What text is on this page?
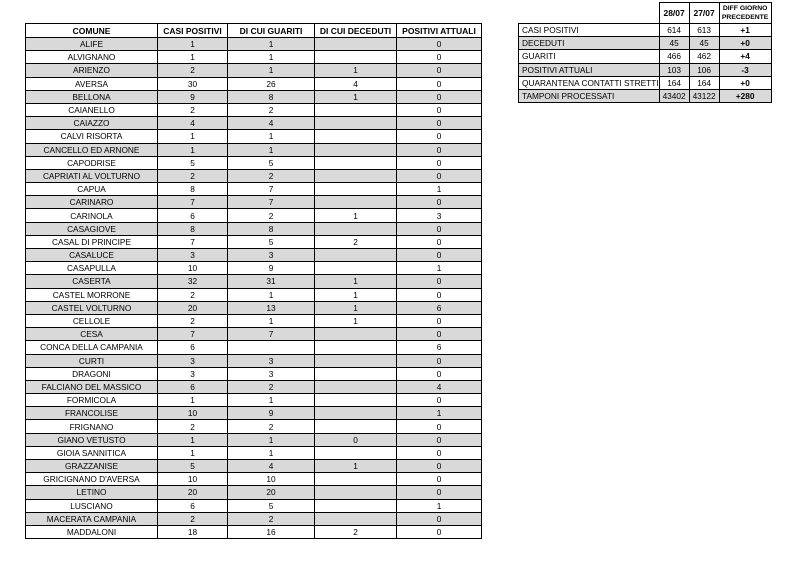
COMUNE	CASI POSITIVI	DI CUI GUARITI	DI CUI DECEDUTI	POSITIVI ATTUALI
ALIFE	1	1		0
ALVIGNANO	1	1		0
ARIENZO	2	1	1	0
AVERSA	30	26	4	0
BELLONA	9	8	1	0
CAIANELLO	2	2		0
CAIAZZO	4	4		0
CALVI RISORTA	1	1		0
CANCELLO ED ARNONE	1	1		0
CAPODRISE	5	5		0
CAPRIATI AL VOLTURNO	2	2		0
CAPUA	8	7		1
CARINARO	7	7		0
CARINOLA	6	2	1	3
CASAGIOVE	8	8		0
CASAL DI PRINCIPE	7	5	2	0
CASALUCE	3	3		0
CASAPULLA	10	9		1
CASERTA	32	31	1	0
CASTEL MORRONE	2	1	1	0
CASTEL VOLTURNO	20	13	1	6
CELLOLE	2	1	1	0
CESA	7	7		0
CONCA DELLA CAMPANIA	6			6
CURTI	3	3		0
DRAGONI	3	3		0
FALCIANO DEL MASSICO	6	2		4
FORMICOLA	1	1		0
FRANCOLISE	10	9		1
FRIGNANO	2	2		0
GIANO VETUSTO	1	1	0	0
GIOIA SANNITICA	1	1		0
GRAZZANISE	5	4	1	0
GRICIGNANO D'AVERSA	10	10		0
LETINO	20	20		0
LUSCIANO	6	5		1
MACERATA CAMPANIA	2	2		0
MADDALONI	18	16	2	0
	28/07	27/07	DIFF GIORNO PRECEDENTE
CASI POSITIVI	614	613	+1
DECEDUTI	45	45	+0
GUARITI	466	462	+4
POSITIVI ATTUALI	103	106	-3
QUARANTENA CONTATTI STRETTI	164	164	+0
TAMPONI PROCESSATI	43402	43122	+280
